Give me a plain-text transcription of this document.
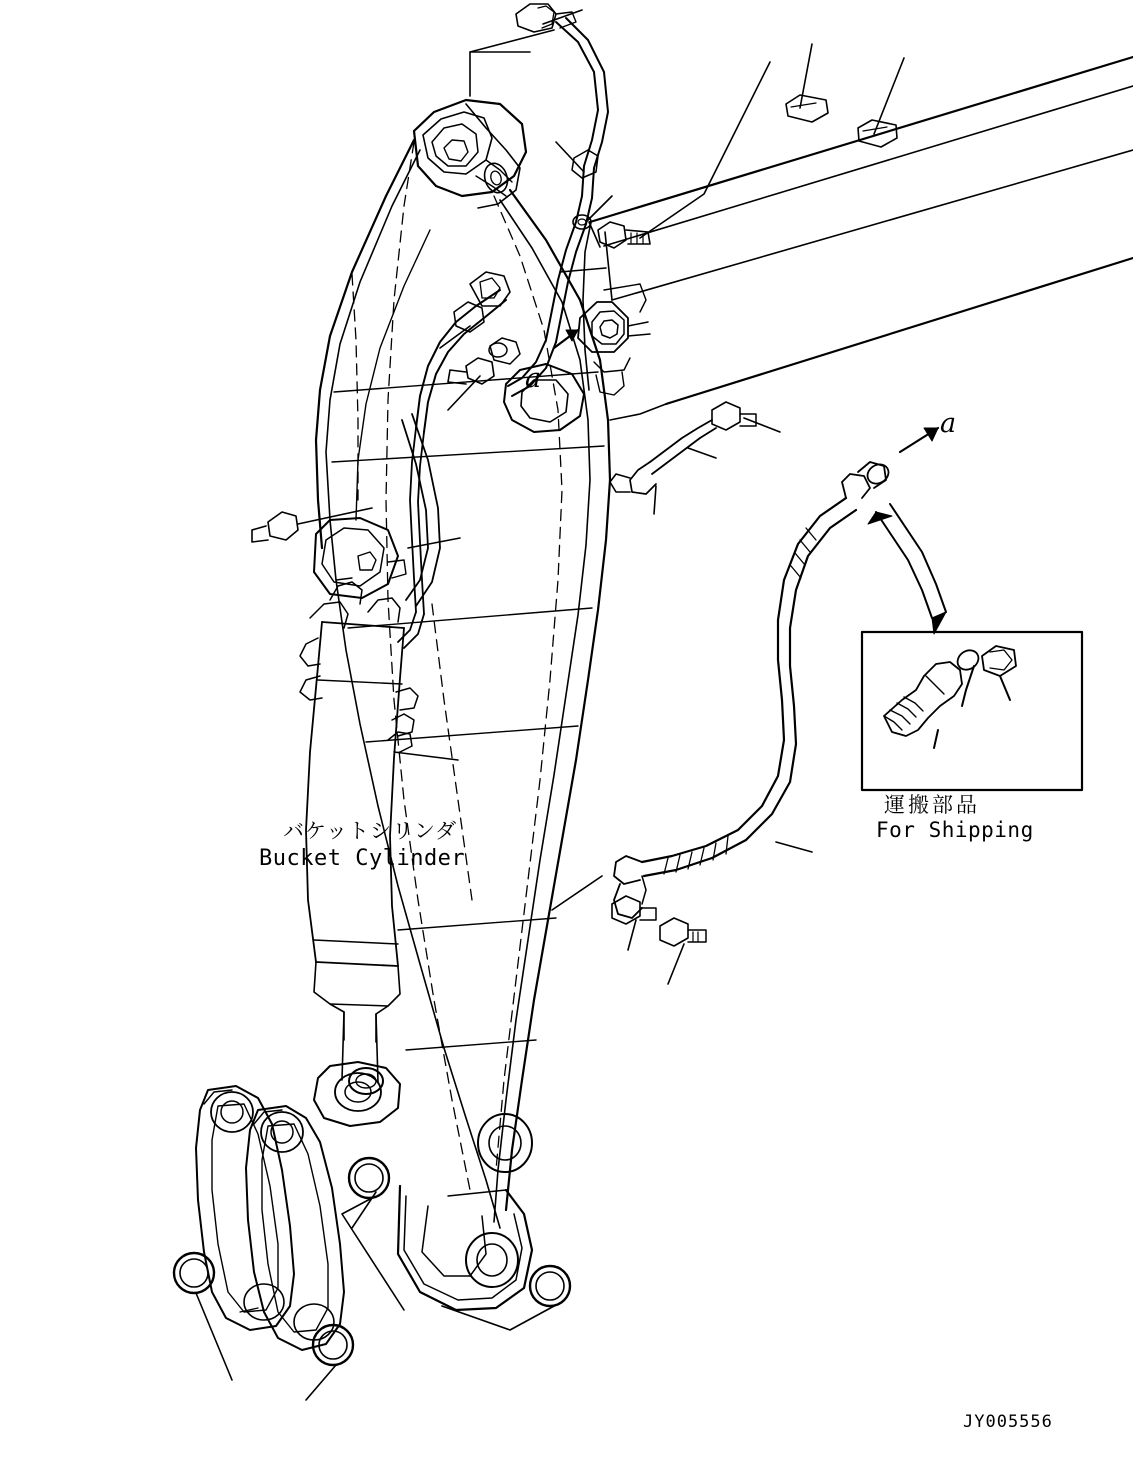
バケットシリンダ
Bucket Cylinder
a
a
運搬部品
For Shipping
JY005556
